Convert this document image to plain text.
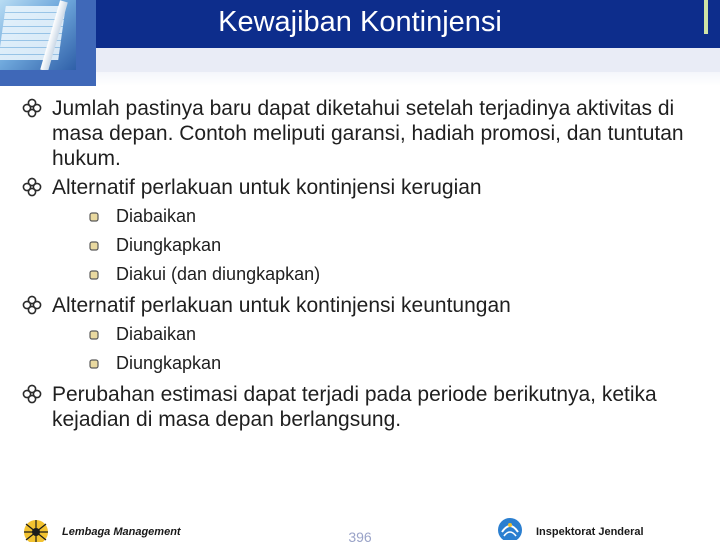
Kewajiban Kontinjensi
Jumlah pastinya baru dapat diketahui setelah terjadinya aktivitas di masa depan. Contoh meliputi garansi, hadiah promosi, dan tuntutan hukum.
Alternatif perlakuan untuk kontinjensi kerugian
Diabaikan
Diungkapkan
Diakui (dan diungkapkan)
Alternatif perlakuan untuk kontinjensi keuntungan
Diabaikan
Diungkapkan
Perubahan estimasi dapat terjadi pada periode berikutnya, ketika kejadian di masa depan berlangsung.
Lembaga Management	396	Inspektorat Jenderal
